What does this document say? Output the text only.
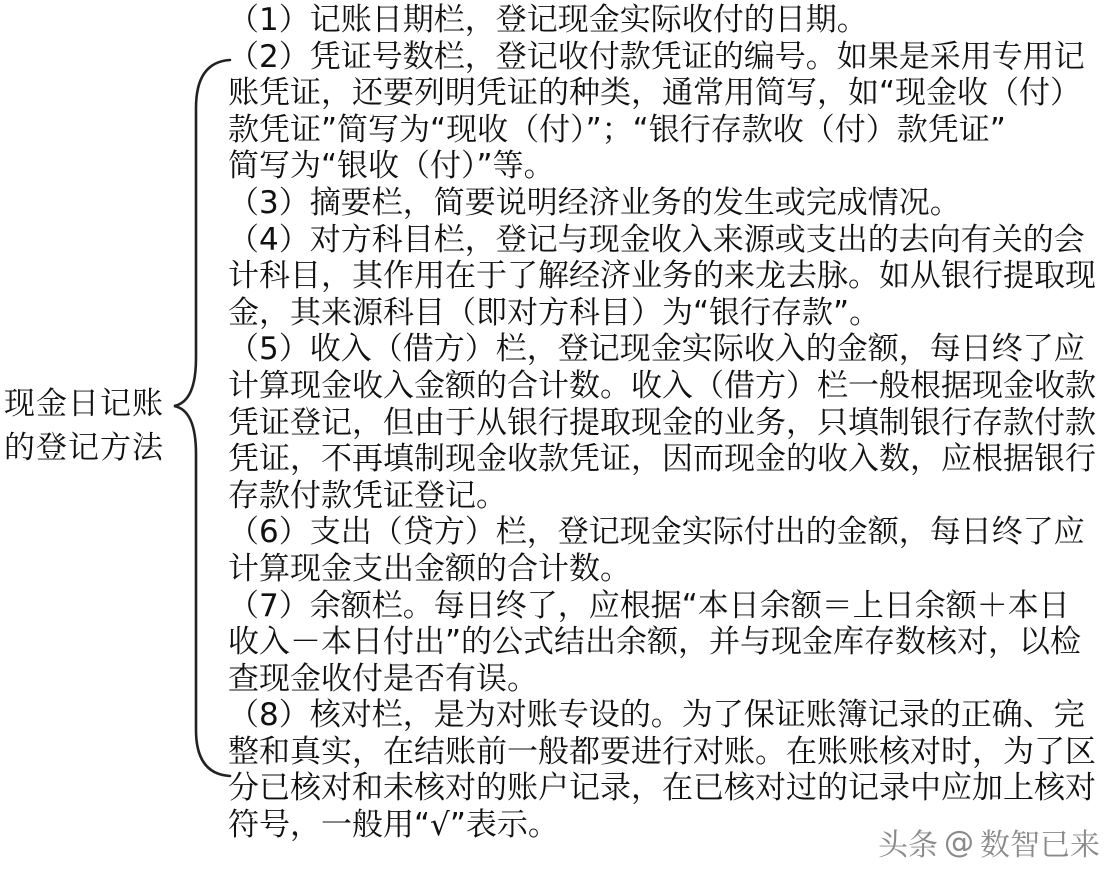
现金日记账
的登记方法

（1）记账日期栏，登记现金实际收付的日期。

（2）凭证号数栏，登记收付款凭证的编号。如果是采用专用记

账凭证，还要列明凭证的种类，通常用简写，如“现金收（付）

款凭证”简写为“现收（付）”；“银行存款收（付）款凭证”

简写为“银收（付）”等。

（3）摘要栏，简要说明经济业务的发生或完成情况。

（4）对方科目栏，登记与现金收入来源或支出的去向有关的会

计科目，其作用在于了解经济业务的来龙去脉。如从银行提取现

金，其来源科目（即对方科目）为“银行存款”。

（5）收入（借方）栏，登记现金实际收入的金额，每日终了应

计算现金收入金额的合计数。收入（借方）栏一般根据现金收款

凭证登记，但由于从银行提取现金的业务，只填制银行存款付款

凭证，不再填制现金收款凭证，因而现金的收入数，应根据银行

存款付款凭证登记。

（6）支出（贷方）栏，登记现金实际付出的金额，每日终了应

计算现金支出金额的合计数。

（7）余额栏。每日终了，应根据“本日余额＝上日余额＋本日

收入－本日付出”的公式结出余额，并与现金库存数核对，以检

查现金收付是否有误。

（8）核对栏，是为对账专设的。为了保证账簿记录的正确、完

整和真实，在结账前一般都要进行对账。在账账核对时，为了区

分已核对和未核对的账户记录，在已核对过的记录中应加上核对

符号，一般用“√”表示。

头条 @ 数智已来
